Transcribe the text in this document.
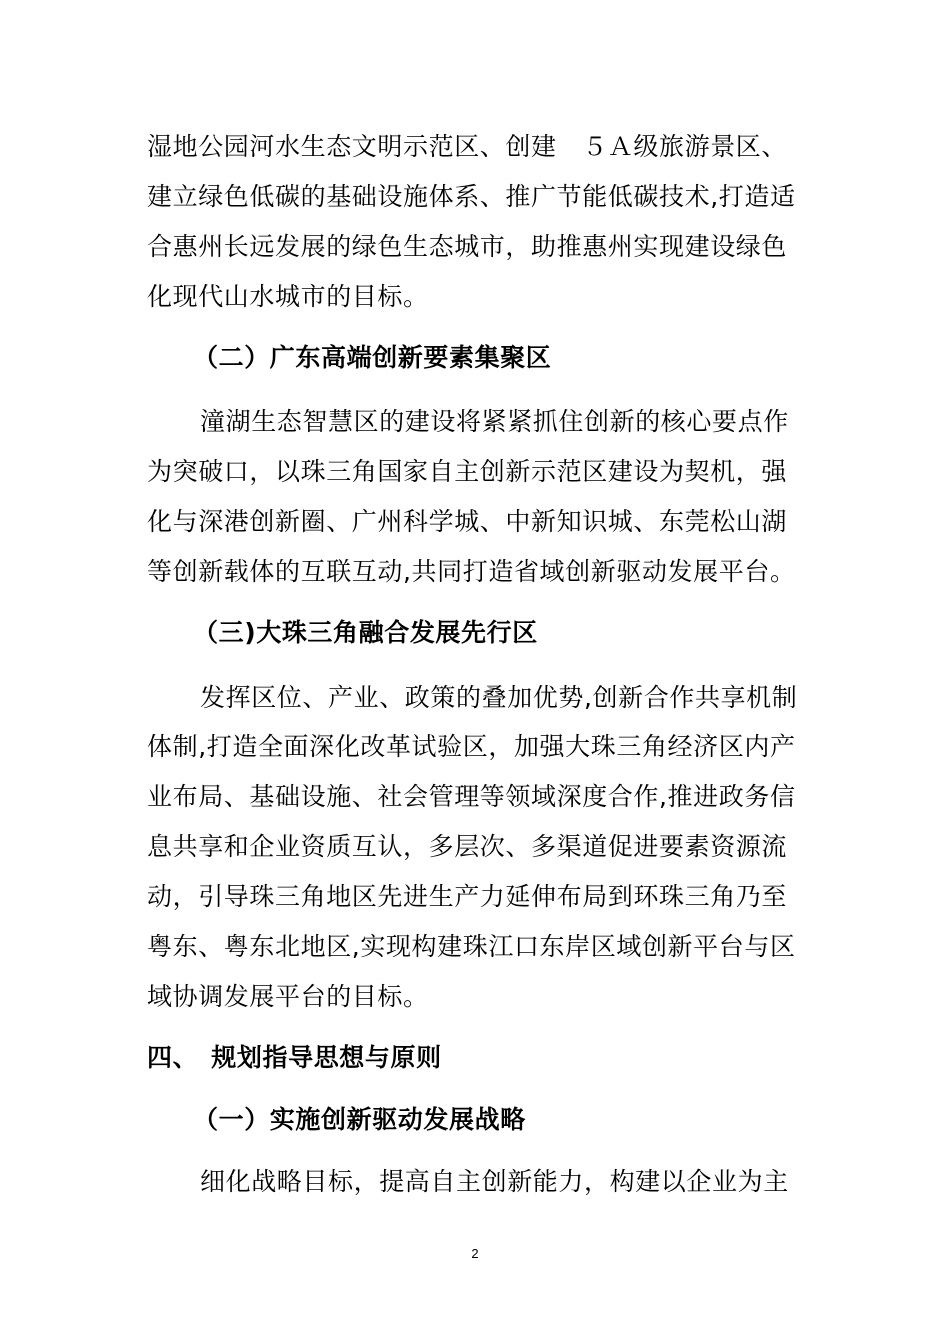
湿地公园河水生态文明示范区、创建　５Ａ级旅游景区、
建立绿色低碳的基础设施体系、推广节能低碳技术,打造适
合惠州长远发展的绿色生态城市，助推惠州实现建设绿色
化现代山水城市的目标。
（二）广东高端创新要素集聚区
潼湖生态智慧区的建设将紧紧抓住创新的核心要点作
为突破口，以珠三角国家自主创新示范区建设为契机，强
化与深港创新圈、广州科学城、中新知识城、东莞松山湖
等创新载体的互联互动,共同打造省域创新驱动发展平台。
（三)大珠三角融合发展先行区
发挥区位、产业、政策的叠加优势,创新合作共享机制
体制,打造全面深化改革试验区，加强大珠三角经济区内产
业布局、基础设施、社会管理等领域深度合作,推进政务信
息共享和企业资质互认，多层次、多渠道促进要素资源流
动，引导珠三角地区先进生产力延伸布局到环珠三角乃至
粤东、粤东北地区,实现构建珠江口东岸区域创新平台与区
域协调发展平台的目标。
四、　规划指导思想与原则
（一）实施创新驱动发展战略
细化战略目标，提高自主创新能力，构建以企业为主
2
